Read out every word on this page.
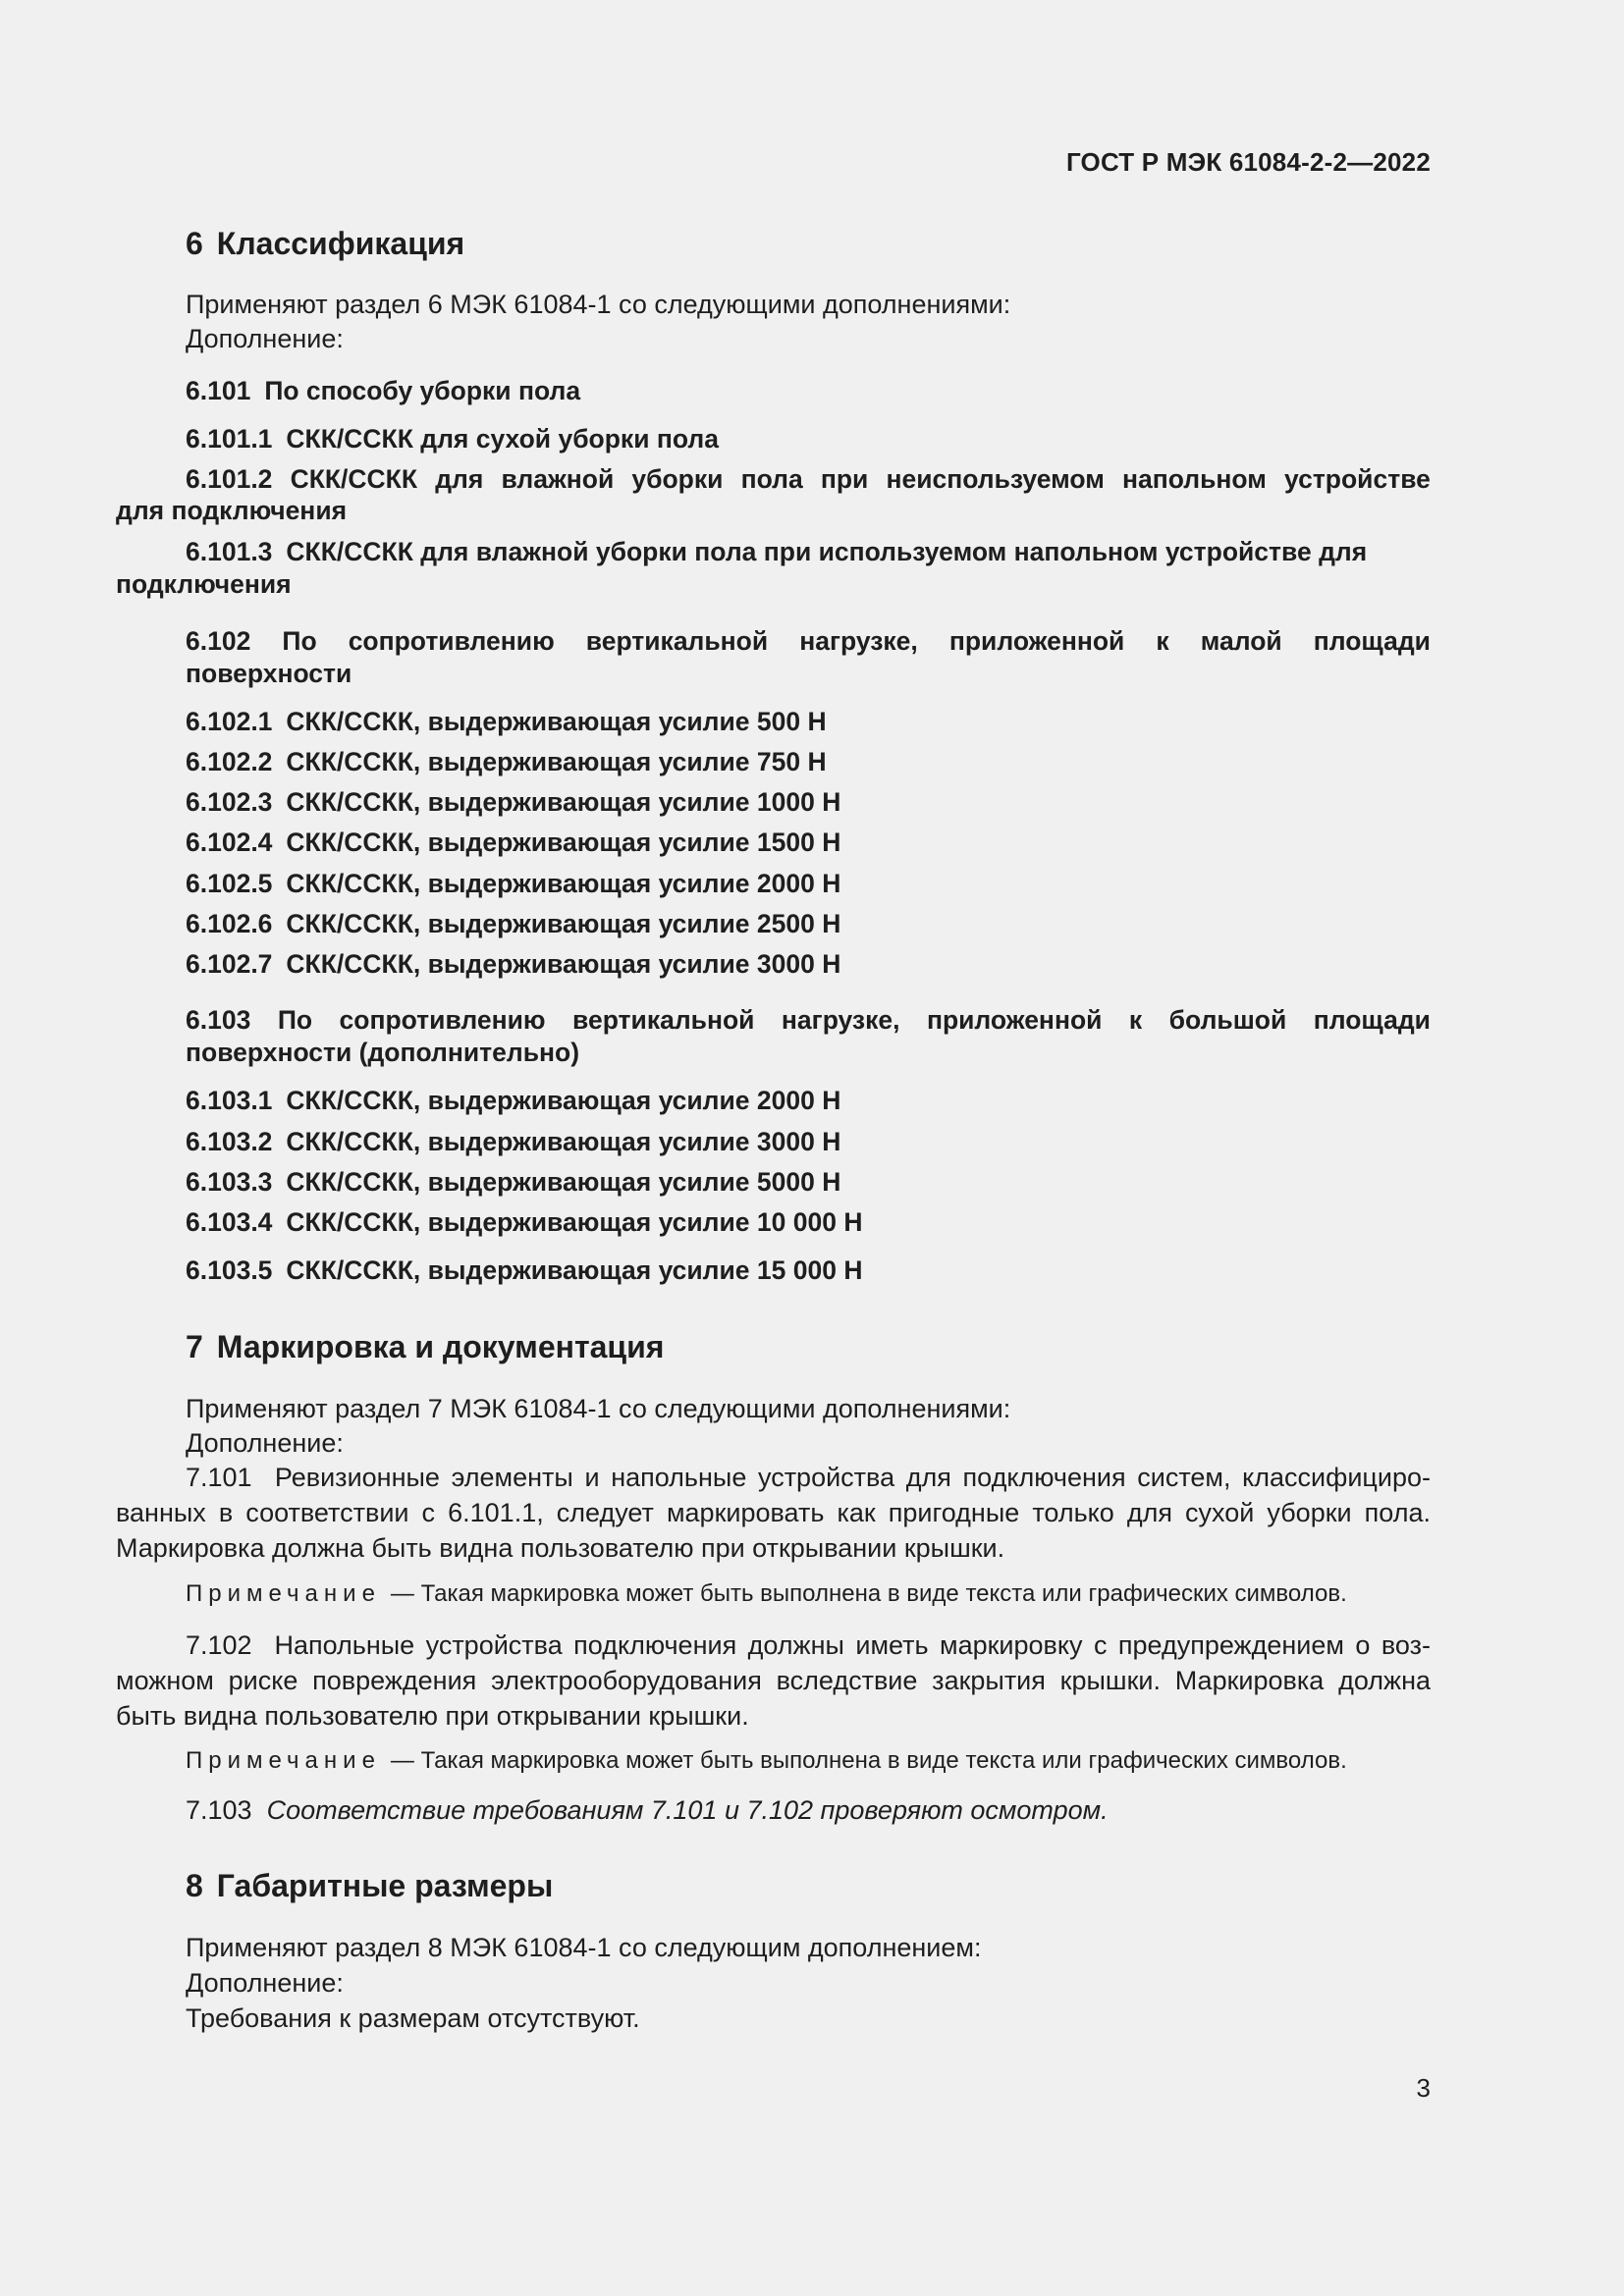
ГОСТ Р МЭК 61084-2-2—2022
6 Классификация
Применяют раздел 6 МЭК 61084-1 со следующими дополнениями:
Дополнение:
6.101 По способу уборки пола
6.101.1 СКК/ССКК для сухой уборки пола
6.101.2 СКК/ССКК для влажной уборки пола при неиспользуемом напольном устройстве
для подключения
6.101.3 СКК/ССКК для влажной уборки пола при используемом напольном устройстве для
подключения
6.102 По сопротивлению вертикальной нагрузке, приложенной к малой площади
поверхности
6.102.1 СКК/ССКК, выдерживающая усилие 500 Н
6.102.2 СКК/ССКК, выдерживающая усилие 750 Н
6.102.3 СКК/ССКК, выдерживающая усилие 1000 Н
6.102.4 СКК/ССКК, выдерживающая усилие 1500 Н
6.102.5 СКК/ССКК, выдерживающая усилие 2000 Н
6.102.6 СКК/ССКК, выдерживающая усилие 2500 Н
6.102.7 СКК/ССКК, выдерживающая усилие 3000 Н
6.103 По сопротивлению вертикальной нагрузке, приложенной к большой площади
поверхности (дополнительно)
6.103.1 СКК/ССКК, выдерживающая усилие 2000 Н
6.103.2 СКК/ССКК, выдерживающая усилие 3000 Н
6.103.3 СКК/ССКК, выдерживающая усилие 5000 Н
6.103.4 СКК/ССКК, выдерживающая усилие 10 000 Н
6.103.5 СКК/ССКК, выдерживающая усилие 15 000 Н
7 Маркировка и документация
Применяют раздел 7 МЭК 61084-1 со следующими дополнениями:
Дополнение:
7.101 Ревизионные элементы и напольные устройства для подключения систем, классифицированных в соответствии с 6.101.1, следует маркировать как пригодные только для сухой уборки пола. Маркировка должна быть видна пользователю при открывании крышки.
Примечание — Такая маркировка может быть выполнена в виде текста или графических символов.
7.102 Напольные устройства подключения должны иметь маркировку с предупреждением о возможном риске повреждения электрооборудования вследствие закрытия крышки. Маркировка должна быть видна пользователю при открывании крышки.
Примечание — Такая маркировка может быть выполнена в виде текста или графических символов.
7.103 Соответствие требованиям 7.101 и 7.102 проверяют осмотром.
8 Габаритные размеры
Применяют раздел 8 МЭК 61084-1 со следующим дополнением:
Дополнение:
Требования к размерам отсутствуют.
3
